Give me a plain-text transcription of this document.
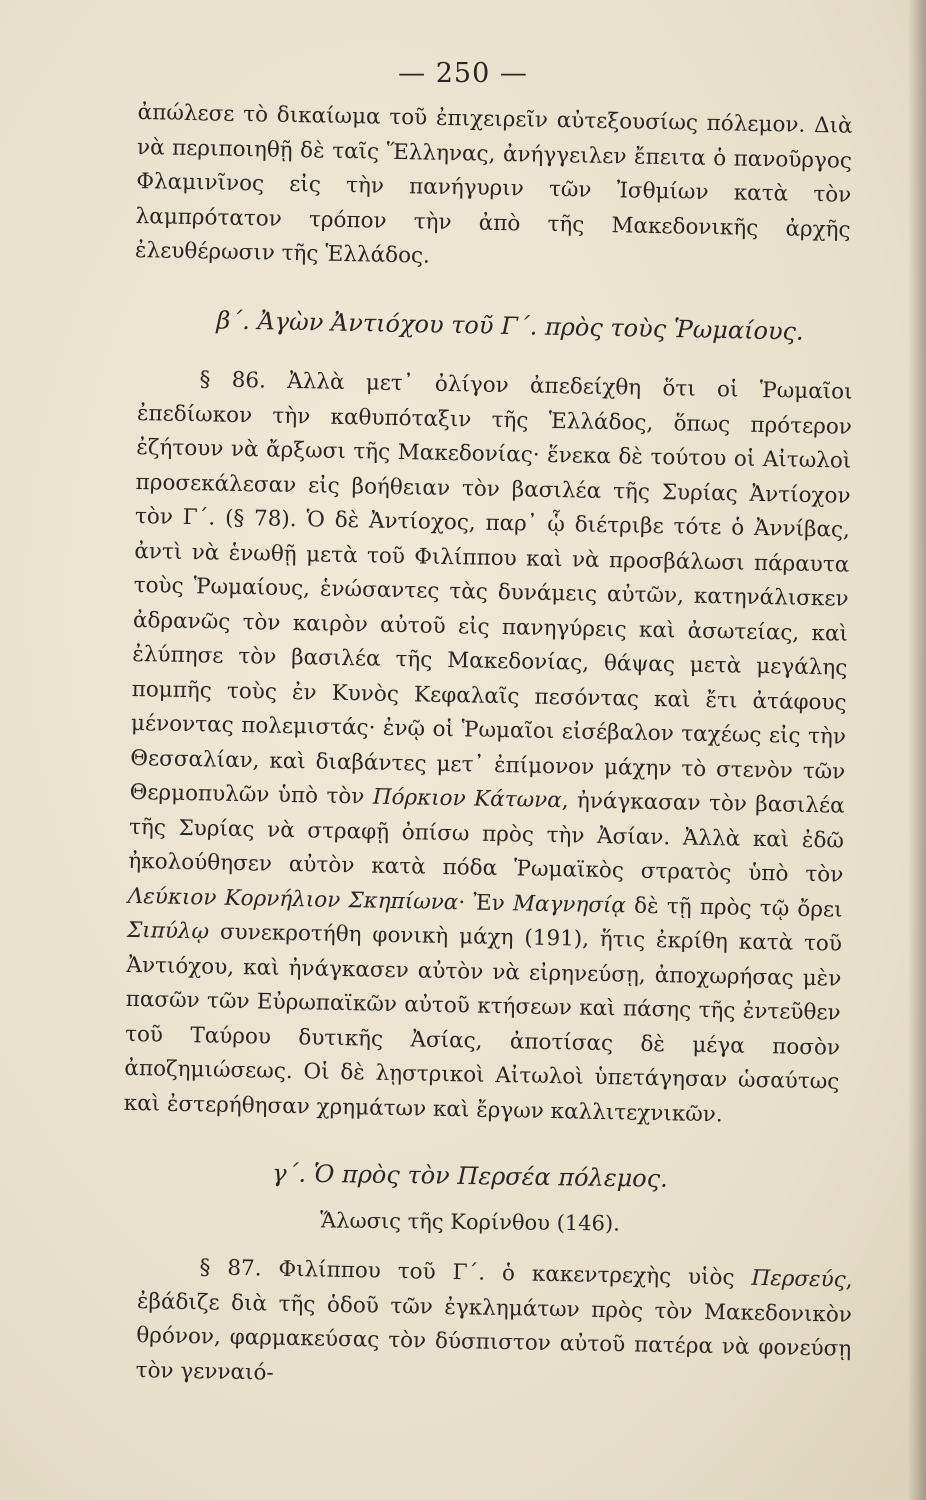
— 250 —

ἀπώλεσε τὸ δικαίωμα τοῦ ἐπιχειρεῖν αὐτεξουσίως πόλεμον. Διὰ νὰ περιποιηθῇ δὲ ταῖς Ἕλληνας, ἀνήγγειλεν ἔπειτα ὁ πανοῦργος Φλαμινῖνος εἰς τὴν πανήγυριν τῶν Ἰσθμίων κατὰ τὸν λαμπρότατον τρόπον τὴν ἀπὸ τῆς Μακεδονικῆς ἀρχῆς ἐλευθέρωσιν τῆς Ἑλλάδος.

β΄. Ἀγὼν Ἀντιόχου τοῦ Γ΄. πρὸς τοὺς Ῥωμαίους.

§ 86. Ἀλλὰ μετ᾽ ὀλίγον ἀπεδείχθη ὅτι οἱ Ῥωμαῖοι ἐπεδίωκον τὴν καθυπόταξιν τῆς Ἑλλάδος, ὅπως πρότερον ἐζήτουν νὰ ἄρξωσι τῆς Μακεδονίας· ἕνεκα δὲ τούτου οἱ Αἰτωλοὶ προσεκάλεσαν εἰς βοήθειαν τὸν βασιλέα τῆς Συρίας Ἀντίοχον τὸν Γ΄. (§ 78). Ὁ δὲ Ἀντίοχος, παρ᾽ ᾧ διέτριβε τότε ὁ Ἀννίβας, ἀντὶ νὰ ἑνωθῇ μετὰ τοῦ Φιλίππου καὶ νὰ προσβάλωσι πάραυτα τοὺς Ῥωμαίους, ἑνώσαντες τὰς δυνάμεις αὐτῶν, κατηνάλισκεν ἀδρανῶς τὸν καιρὸν αὐτοῦ εἰς πανηγύρεις καὶ ἀσωτείας, καὶ ἐλύπησε τὸν βασιλέα τῆς Μακεδονίας, θάψας μετὰ μεγάλης πομπῆς τοὺς ἐν Κυνὸς Κεφαλαῖς πεσόντας καὶ ἔτι ἀτάφους μένοντας πολεμιστάς· ἐνῷ οἱ Ῥωμαῖοι εἰσέβαλον ταχέως εἰς τὴν Θεσσαλίαν, καὶ διαβάντες μετ᾽ ἐπίμονον μάχην τὸ στενὸν τῶν Θερμοπυλῶν ὑπὸ τὸν Πόρκιον Κάτωνα, ἠνάγκασαν τὸν βασιλέα τῆς Συρίας νὰ στραφῇ ὀπίσω πρὸς τὴν Ἀσίαν. Ἀλλὰ καὶ ἐδῶ ἠκολούθησεν αὐτὸν κατὰ πόδα Ῥωμαϊκὸς στρατὸς ὑπὸ τὸν Λεύκιον Κορνήλιον Σκηπίωνα· Ἐν Μαγνησίᾳ δὲ τῇ πρὸς τῷ ὄρει Σιπύλῳ συνεκροτήθη φονικὴ μάχη (191), ἥτις ἐκρίθη κατὰ τοῦ Ἀντιόχου, καὶ ἠνάγκασεν αὐτὸν νὰ εἰρηνεύσῃ, ἀποχωρήσας μὲν πασῶν τῶν Εὐρωπαϊκῶν αὐτοῦ κτήσεων καὶ πάσης τῆς ἐντεῦθεν τοῦ Ταύρου δυτικῆς Ἀσίας, ἀποτίσας δὲ μέγα ποσὸν ἀποζημιώσεως. Οἱ δὲ λῃστρικοὶ Αἰτωλοὶ ὑπετάγησαν ὡσαύτως καὶ ἐστερήθησαν χρημάτων καὶ ἔργων καλλιτεχνικῶν.

γ΄. Ὁ πρὸς τὸν Περσέα πόλεμος.
Ἅλωσις τῆς Κορίνθου (146).

§ 87. Φιλίππου τοῦ Γ΄. ὁ κακεντρεχὴς υἱὸς Περσεύς, ἐβάδιζε διὰ τῆς ὁδοῦ τῶν ἐγκλημάτων πρὸς τὸν Μακεδονικὸν θρόνον, φαρμακεύσας τὸν δύσπιστον αὐτοῦ πατέρα νὰ φονεύσῃ τὸν γενναιό-
